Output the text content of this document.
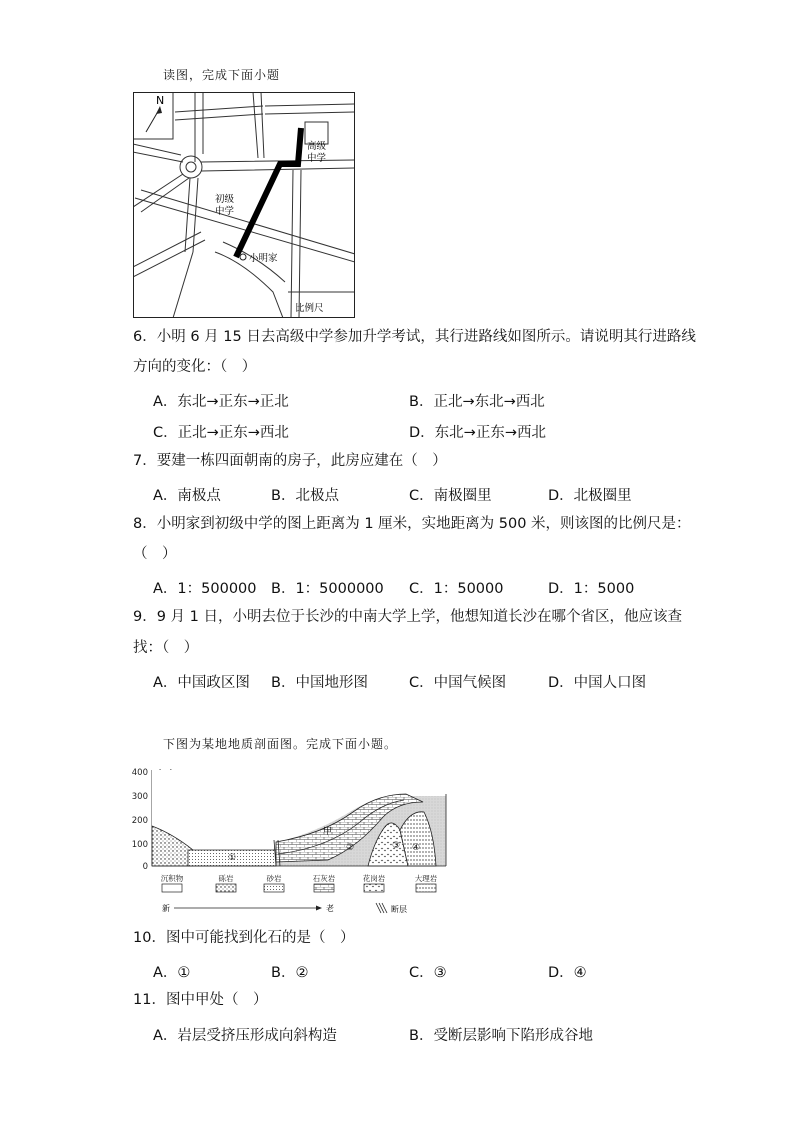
读图，完成下面小题
N
高级
中学
初级
中学
小明家
比例尺
6．小明 6 月 15 日去高级中学参加升学考试，其行进路线如图所示。请说明其行进路线
方向的变化：（　）
A．东北→正东→正北	B．正北→东北→西北
C．正北→正东→西北	D．东北→正东→西北
7．要建一栋四面朝南的房子，此房应建在（　）
A．南极点	B．北极点	C．南极圈里	D．北极圈里
8．小明家到初级中学的图上距离为 1 厘米，实地距离为 500 米，则该图的比例尺是：
（　）
A．1：500000 B．1：5000000 C．1：50000	D．1：5000
9．9 月 1 日，小明去位于长沙的中南大学上学，他想知道长沙在哪个省区，他应该查
找：（　）
A．中国政区图 B．中国地形图	C．中国气候图	D．中国人口图
下图为某地地质剖面图。完成下面小题。
400
300
200
100
0
甲
①
②	③ ④
沉积物	砾岩	砂岩	石灰岩	花岗岩	大理岩
新	老	断层
10．图中可能找到化石的是（　）
A．①	B．②	C．③	D．④
11．图中甲处（　）
A．岩层受挤压形成向斜构造	B．受断层影响下陷形成谷地
